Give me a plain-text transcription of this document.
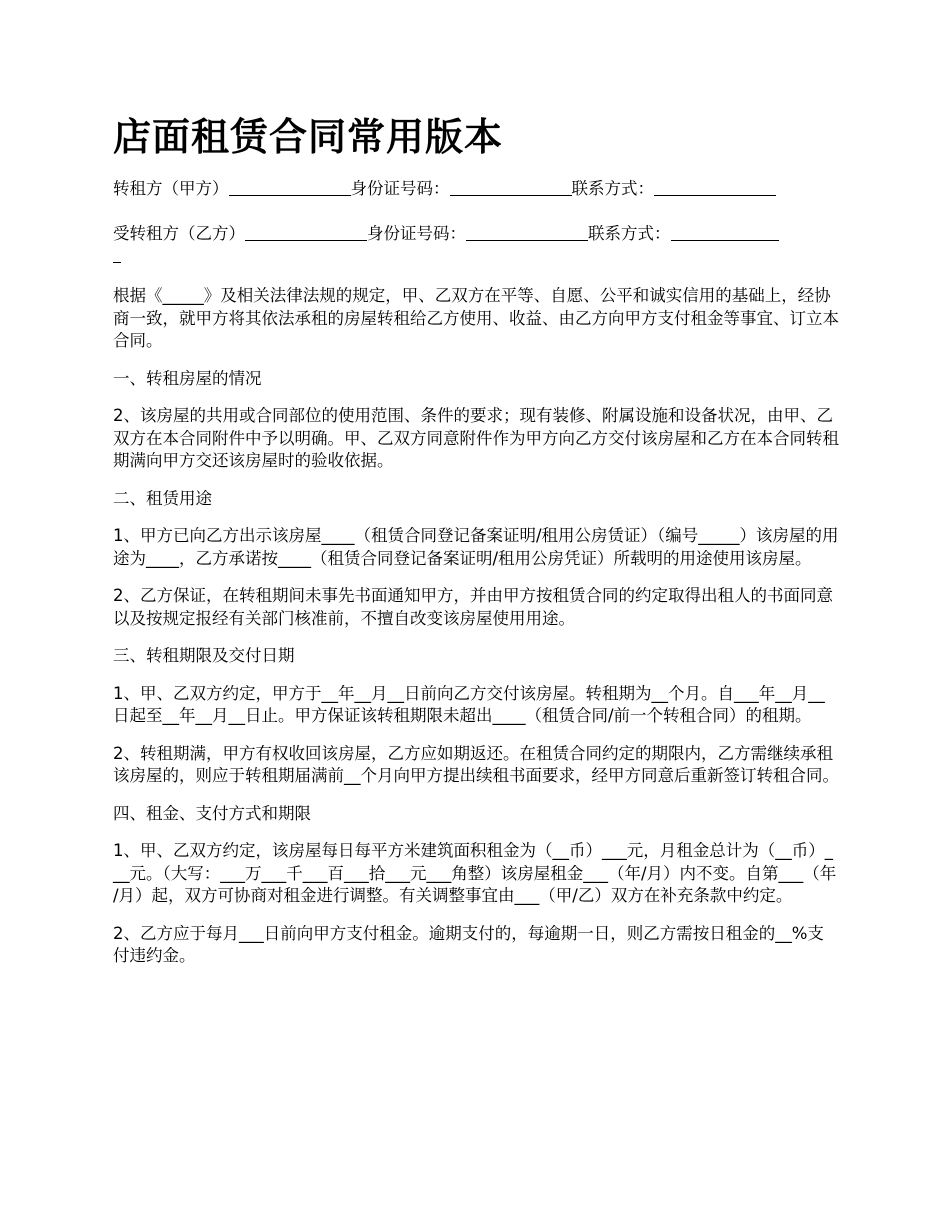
店面租赁合同常用版本
转租方（甲方）	身份证号码：	联系方式：
受转租方（乙方）	身份证号码：	联系方式：

根据《_____》及相关法律法规的规定，甲、乙双方在平等、自愿、公平和诚实信用的基础上，经协商一致，就甲方将其依法承租的房屋转租给乙方使用、收益、由乙方向甲方支付租金等事宜、订立本合同。

一、转租房屋的情况

2、该房屋的共用或合同部位的使用范围、条件的要求；现有装修、附属设施和设备状况，由甲、乙双方在本合同附件中予以明确。甲、乙双方同意附件作为甲方向乙方交付该房屋和乙方在本合同转租期满向甲方交还该房屋时的验收依据。

二、租赁用途

1、甲方已向乙方出示该房屋____（租赁合同登记备案证明/租用公房赁证）（编号_____）该房屋的用途为____，乙方承诺按____（租赁合同登记备案证明/租用公房凭证）所载明的用途使用该房屋。

2、乙方保证，在转租期间未事先书面通知甲方，并由甲方按租赁合同的约定取得出租人的书面同意以及按规定报经有关部门核准前，不擅自改变该房屋使用用途。

三、转租期限及交付日期

1、甲、乙双方约定，甲方于__年__月__日前向乙方交付该房屋。转租期为__个月。自___年__月__日起至__年__月__日止。甲方保证该转租期限未超出____（租赁合同/前一个转租合同）的租期。

2、转租期满，甲方有权收回该房屋，乙方应如期返还。在租赁合同约定的期限内，乙方需继续承租该房屋的，则应于转租期届满前__个月向甲方提出续租书面要求，经甲方同意后重新签订转租合同。

四、租金、支付方式和期限

1、甲、乙双方约定，该房屋每日每平方米建筑面积租金为（__币）___元，月租金总计为（__币）___元。（大写：___万___千___百___拾___元___角整）该房屋租金___（年/月）内不变。自第___（年/月）起，双方可协商对租金进行调整。有关调整事宜由___（甲/乙）双方在补充条款中约定。

2、乙方应于每月___日前向甲方支付租金。逾期支付的，每逾期一日，则乙方需按日租金的__%支付违约金。
